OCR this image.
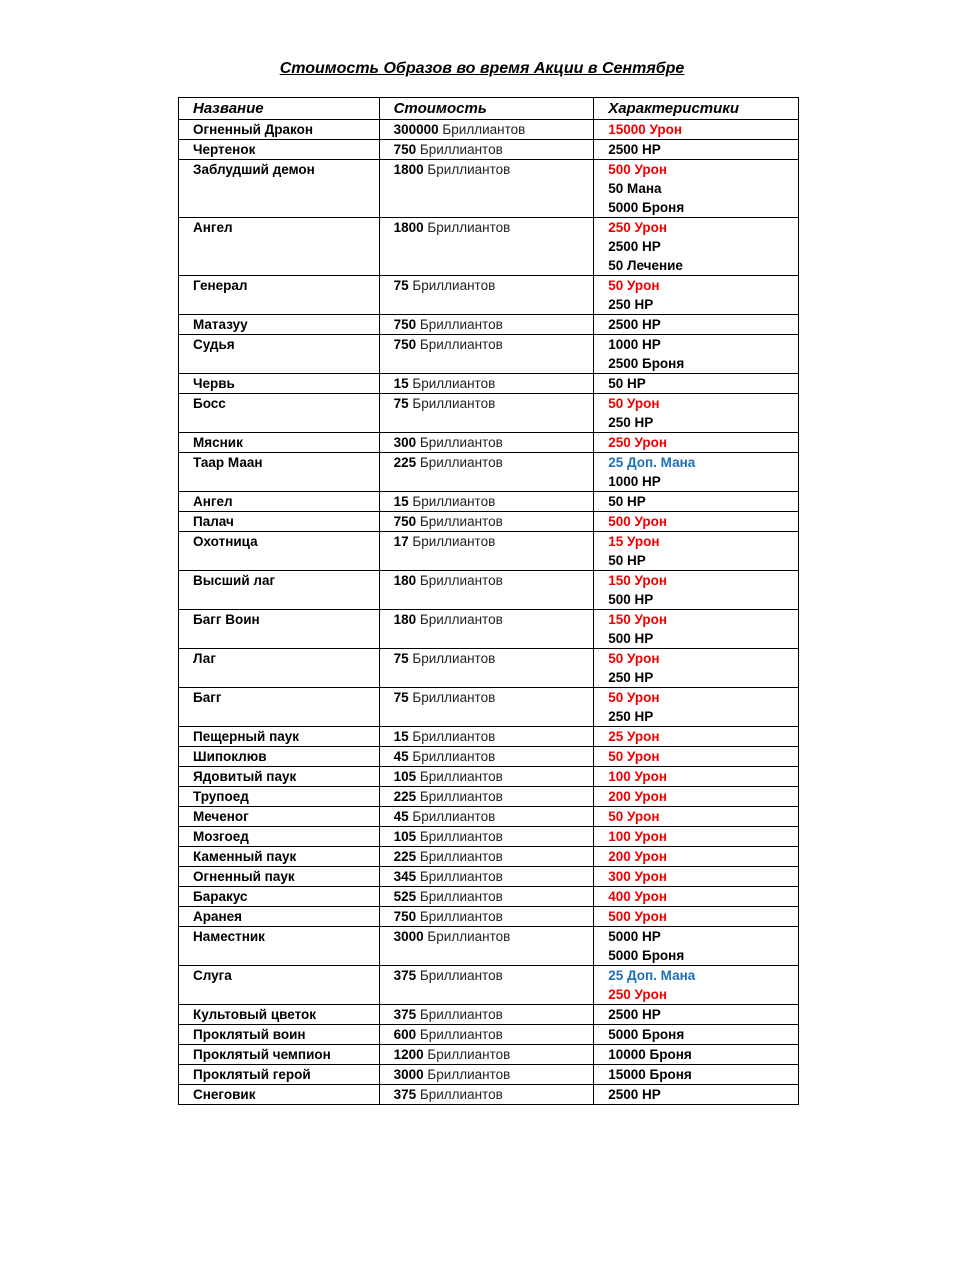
Стоимость Образов во время Акции в Сентябре
Название	Стоимость	Характеристики
Огненный Дракон	300000 Бриллиантов	15000 Урон

Чертенок	750 Бриллиантов	2500 HP

Заблудший демон	1800 Бриллиантов	500 Урон
50 Мана
5000 Броня

Ангел	1800 Бриллиантов	250 Урон
2500 HP
50 Лечение

Генерал	75 Бриллиантов	50 Урон
250 HP

Матазуу	750 Бриллиантов	2500 HP

Судья	750 Бриллиантов	1000 HP
2500 Броня

Червь	15 Бриллиантов	50 HP

Босс	75 Бриллиантов	50 Урон
250 HP

Мясник	300 Бриллиантов	250 Урон

Таар Маан	225 Бриллиантов	25 Доп. Мана
1000 HP

Ангел	15 Бриллиантов	50 HP

Палач	750 Бриллиантов	500 Урон

Охотница	17 Бриллиантов	15 Урон
50 HP

Высший лаг	180 Бриллиантов	150 Урон
500 HP

Багг Воин	180 Бриллиантов	150 Урон
500 HP

Лаг	75 Бриллиантов	50 Урон
250 HP

Багг	75 Бриллиантов	50 Урон
250 HP

Пещерный паук	15 Бриллиантов	25 Урон

Шипоклюв	45 Бриллиантов	50 Урон

Ядовитый паук	105 Бриллиантов	100 Урон

Трупоед	225 Бриллиантов	200 Урон

Меченог	45 Бриллиантов	50 Урон

Мозгоед	105 Бриллиантов	100 Урон

Каменный паук	225 Бриллиантов	200 Урон

Огненный паук	345 Бриллиантов	300 Урон

Баракус	525 Бриллиантов	400 Урон

Аранея	750 Бриллиантов	500 Урон

Наместник	3000 Бриллиантов	5000 HP
5000 Броня

Слуга	375 Бриллиантов	25 Доп. Мана
250 Урон

Культовый цветок	375 Бриллиантов	2500 HP

Проклятый воин	600 Бриллиантов	5000 Броня

Проклятый чемпион	1200 Бриллиантов	10000 Броня

Проклятый герой	3000 Бриллиантов	15000 Броня

Снеговик	375 Бриллиантов	2500 HP
